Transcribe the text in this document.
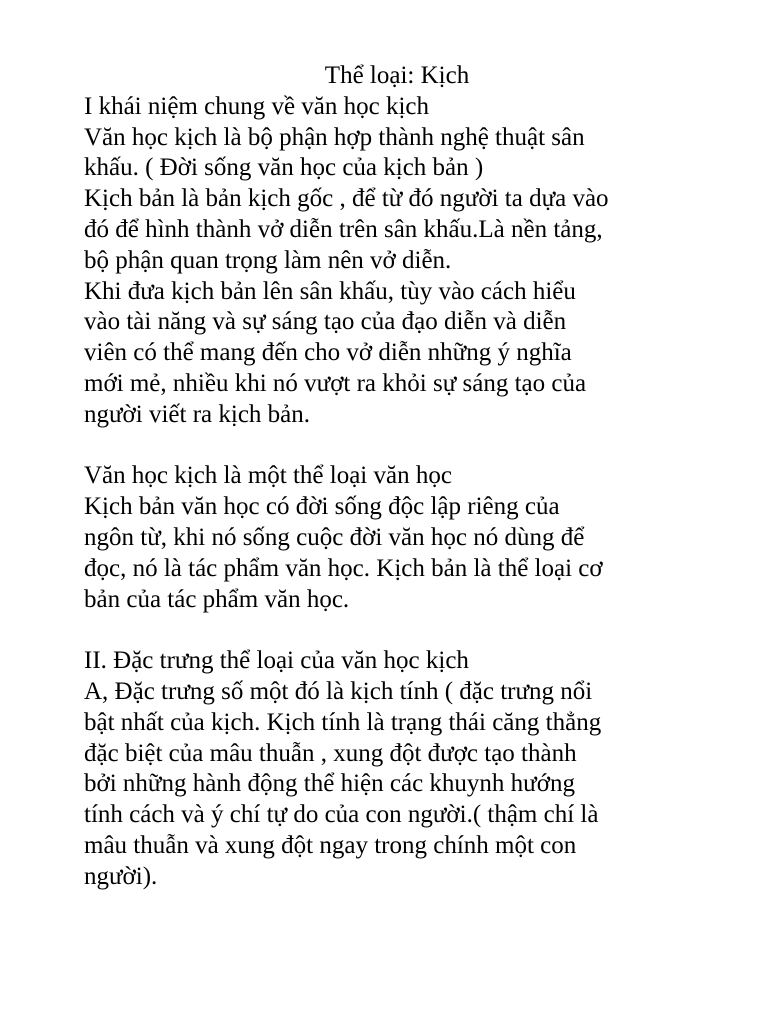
Thể loại: Kịch
I khái niệm chung về văn học kịch
Văn học kịch là bộ phận hợp thành nghệ thuật sân
khấu. ( Đời sống văn học của kịch bản )
Kịch bản là bản kịch gốc , để từ đó người ta dựa vào
đó để hình thành vở diễn trên sân khấu.Là nền tảng,
bộ phận quan trọng làm nên vở diễn.
Khi đưa kịch bản lên sân khấu, tùy vào cách hiểu
vào tài năng và sự sáng tạo của đạo diễn và diễn
viên có thể mang đến cho vở diễn những ý nghĩa
mới mẻ, nhiều khi nó vượt ra khỏi sự sáng tạo của
người viết ra kịch bản.
Văn học kịch là một thể loại văn học
Kịch bản văn học có đời sống độc lập riêng của
ngôn từ, khi nó sống cuộc đời văn học nó dùng để
đọc, nó là tác phẩm văn học. Kịch bản là thể loại cơ
bản của tác phẩm văn học.
II. Đặc trưng thể loại của văn học kịch
A, Đặc trưng số một đó là kịch tính ( đặc trưng nổi
bật nhất của kịch. Kịch tính là trạng thái căng thẳng
đặc biệt của mâu thuẫn , xung đột được tạo thành
bởi những hành động thể hiện các khuynh hướng
tính cách và ý chí tự do của con người.( thậm chí là
mâu thuẫn và xung đột ngay trong chính một con
người).
